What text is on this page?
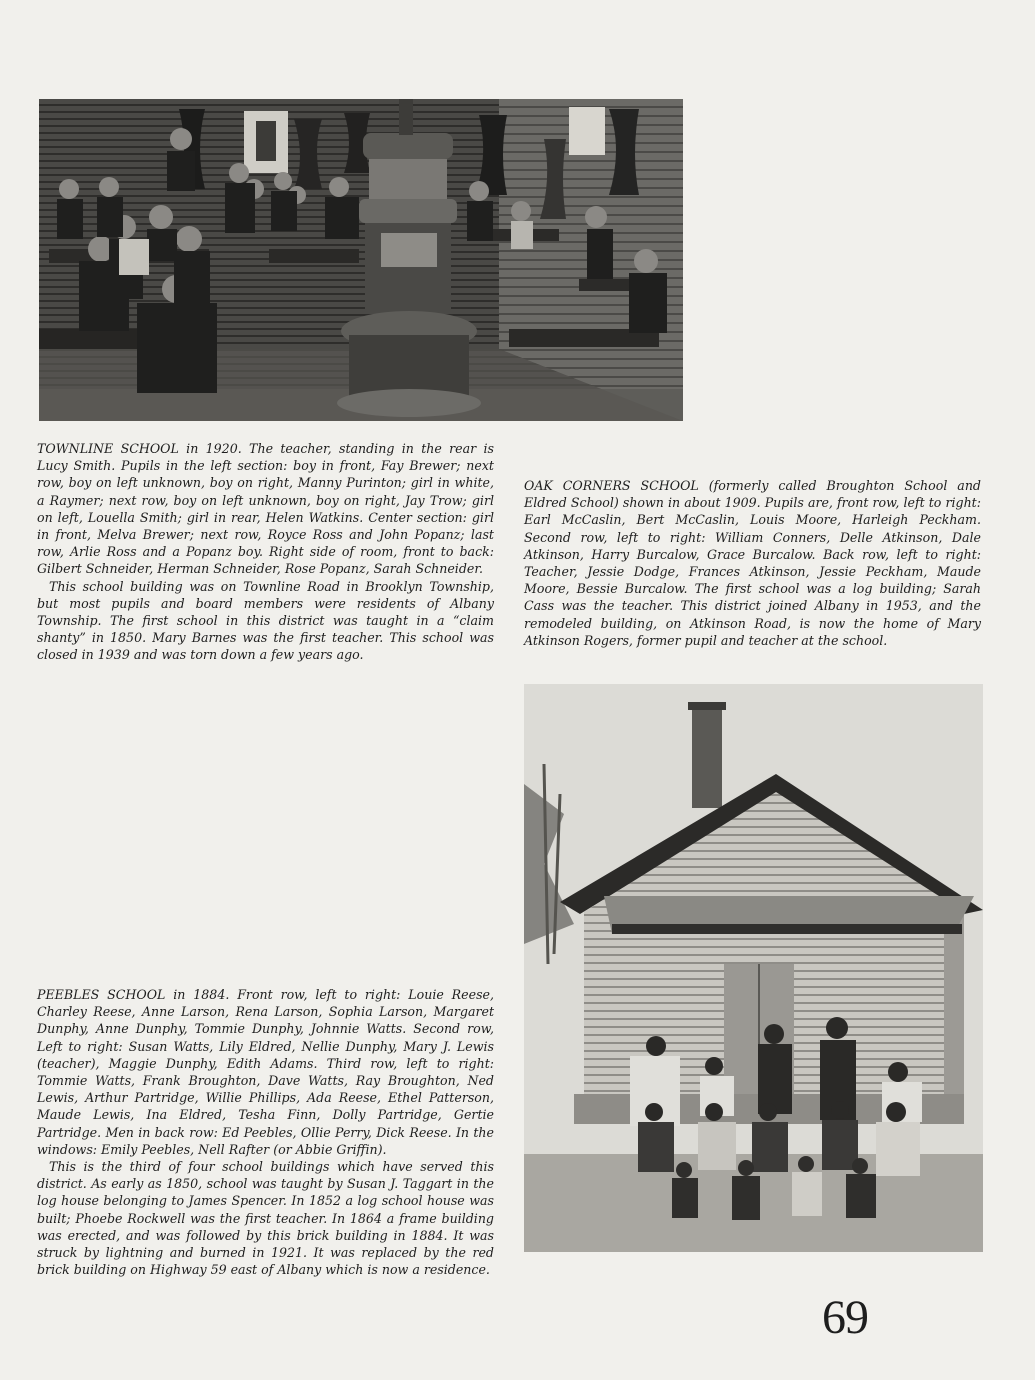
TOWNLINE SCHOOL in 1920. The teacher, standing in the rear is Lucy Smith. Pupils in the left section: boy in front, Fay Brewer; next row, boy on left unknown, boy on right, Manny Purinton; girl in white, a Raymer; next row, boy on left unknown, boy on right, Jay Trow; girl on left, Louella Smith; girl in rear, Helen Watkins. Center section: girl in front, Melva Brewer; next row, Royce Ross and John Popanz; last row, Arlie Ross and a Popanz boy. Right side of room, front to back: Gilbert Schneider, Herman Schneider, Rose Popanz, Sarah Schneider.

This school building was on Townline Road in Brooklyn Township, but most pupils and board members were residents of Albany Township. The first school in this district was taught in a “claim shanty” in 1850. Mary Barnes was the first teacher. This school was closed in 1939 and was torn down a few years ago.

OAK CORNERS SCHOOL (formerly called Broughton School and Eldred School) shown in about 1909. Pupils are, front row, left to right: Earl McCaslin, Bert McCaslin, Louis Moore, Harleigh Peckham. Second row, left to right: William Conners, Delle Atkinson, Dale Atkinson, Harry Burcalow, Grace Burcalow. Back row, left to right: Teacher, Jessie Dodge, Frances Atkinson, Jessie Peckham, Maude Moore, Bessie Burcalow. The first school was a log building; Sarah Cass was the teacher. This district joined Albany in 1953, and the remodeled building, on Atkinson Road, is now the home of Mary Atkinson Rogers, former pupil and teacher at the school.

PEEBLES SCHOOL in 1884. Front row, left to right: Louie Reese, Charley Reese, Anne Larson, Rena Larson, Sophia Larson, Margaret Dunphy, Anne Dunphy, Tommie Dunphy, Johnnie Watts. Second row, Left to right: Susan Watts, Lily Eldred, Nellie Dunphy, Mary J. Lewis (teacher), Maggie Dunphy, Edith Adams. Third row, left to right: Tommie Watts, Frank Broughton, Dave Watts, Ray Broughton, Ned Lewis, Arthur Partridge, Willie Phillips, Ada Reese, Ethel Patterson, Maude Lewis, Ina Eldred, Tesha Finn, Dolly Partridge, Gertie Partridge. Men in back row: Ed Peebles, Ollie Perry, Dick Reese. In the windows: Emily Peebles, Nell Rafter (or Abbie Griffin).

This is the third of four school buildings which have served this district. As early as 1850, school was taught by Susan J. Taggart in the log house belonging to James Spencer. In 1852 a log school house was built; Phoebe Rockwell was the first teacher. In 1864 a frame building was erected, and was followed by this brick building in 1884. It was struck by lightning and burned in 1921. It was replaced by the red brick building on Highway 59 east of Albany which is now a residence.

69
